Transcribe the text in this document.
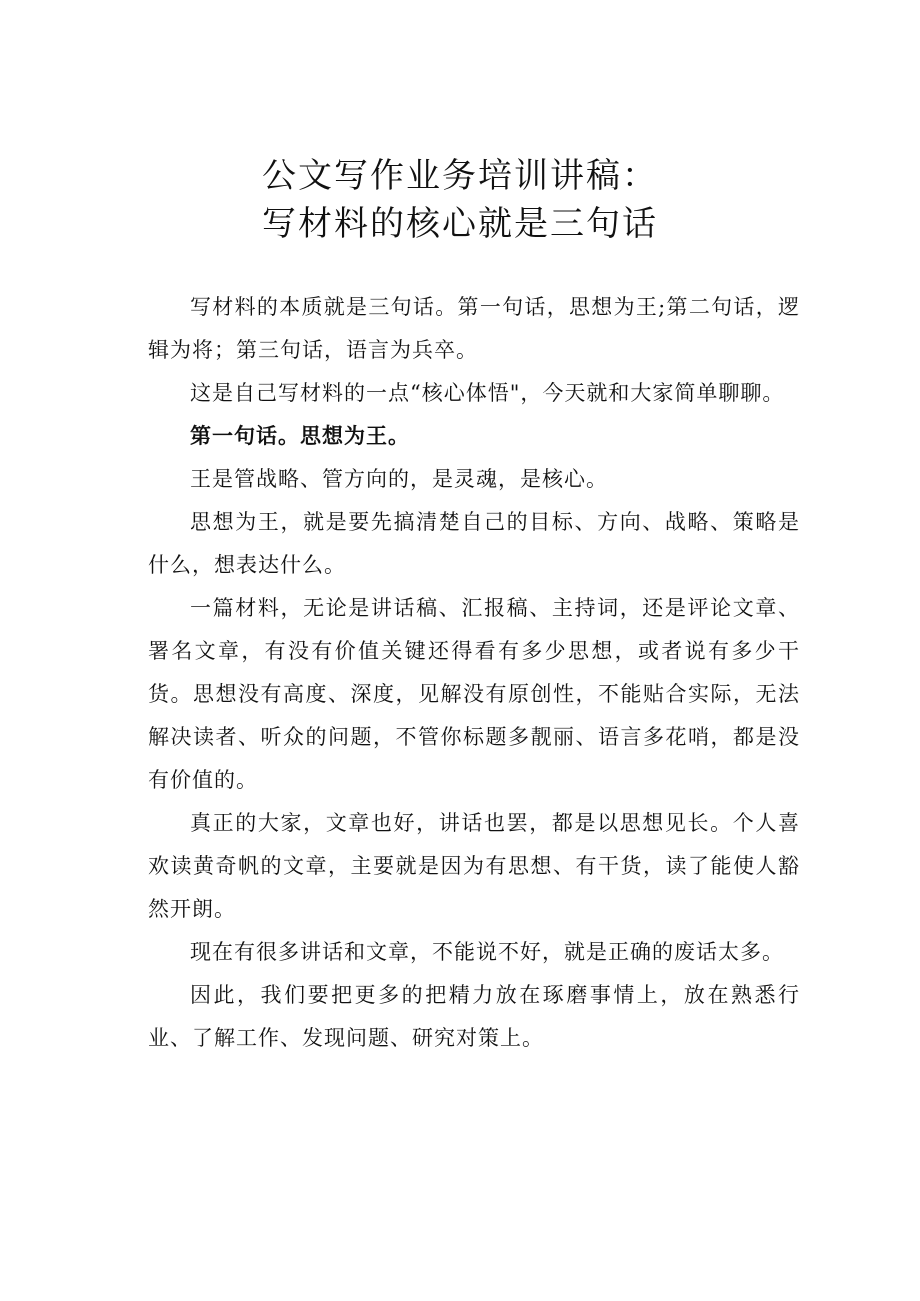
公文写作业务培训讲稿：
写材料的核心就是三句话

写材料的本质就是三句话。第一句话，思想为王;第二句话，逻辑为将；第三句话，语言为兵卒。

这是自己写材料的一点“核心体悟"，今天就和大家简单聊聊。

第一句话。思想为王。

王是管战略、管方向的，是灵魂，是核心。

思想为王，就是要先搞清楚自己的目标、方向、战略、策略是什么，想表达什么。

一篇材料，无论是讲话稿、汇报稿、主持词，还是评论文章、署名文章，有没有价值关键还得看有多少思想，或者说有多少干货。思想没有高度、深度，见解没有原创性，不能贴合实际，无法解决读者、听众的问题，不管你标题多靓丽、语言多花哨，都是没有价值的。

真正的大家，文章也好，讲话也罢，都是以思想见长。个人喜欢读黄奇帆的文章，主要就是因为有思想、有干货，读了能使人豁然开朗。

现在有很多讲话和文章，不能说不好，就是正确的废话太多。

因此，我们要把更多的把精力放在琢磨事情上，放在熟悉行业、了解工作、发现问题、研究对策上。
